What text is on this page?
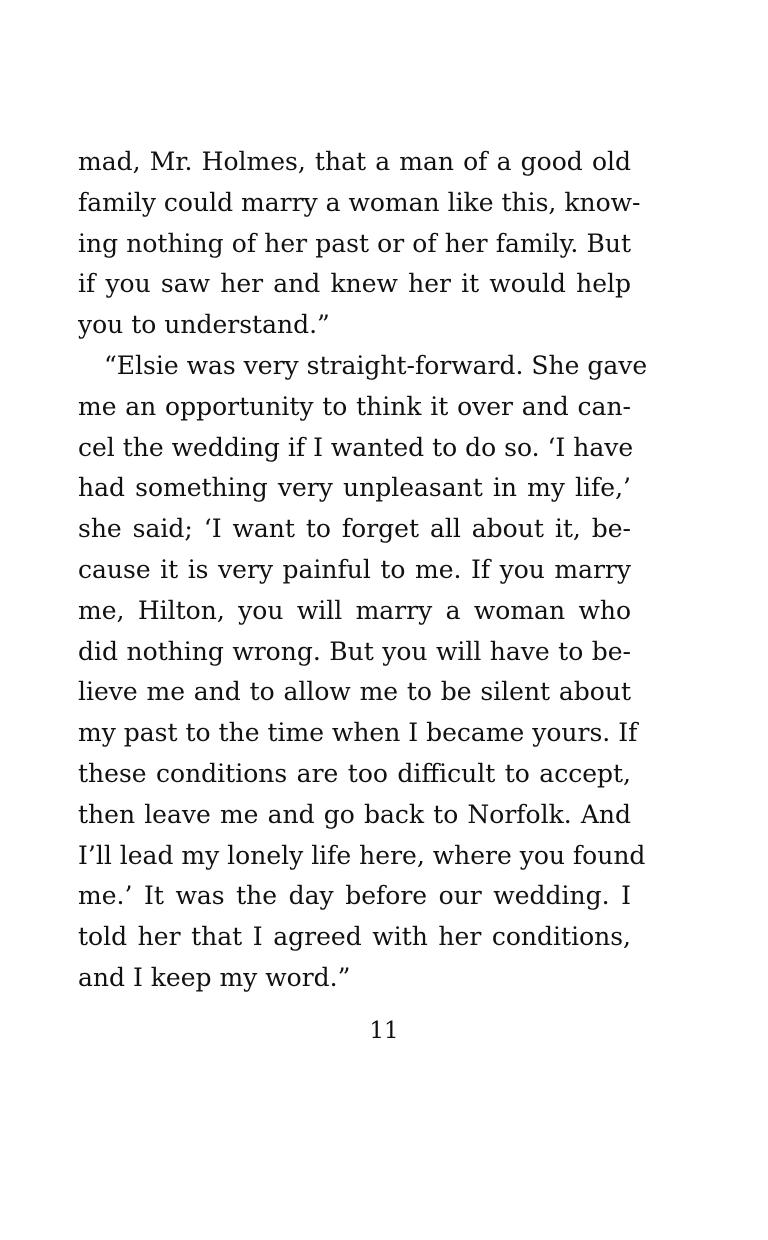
mad, Mr. Holmes, that a man of a good old
family could marry a woman like this, know-
ing nothing of her past or of her family. But
if you saw her and knew her it would help
you to understand.”
“Elsie was very straight-forward. She gave
me an opportunity to think it over and can-
cel the wedding if I wanted to do so. ‘I have
had something very unpleasant in my life,’
she said; ‘I want to forget all about it, be-
cause it is very painful to me. If you marry
me, Hilton, you will marry a woman who
did nothing wrong. But you will have to be-
lieve me and to allow me to be silent about
my past to the time when I became yours. If
these conditions are too difficult to accept,
then leave me and go back to Norfolk. And
I’ll lead my lonely life here, where you found
me.’ It was the day before our wedding. I
told her that I agreed with her conditions,
and I keep my word.”
11
